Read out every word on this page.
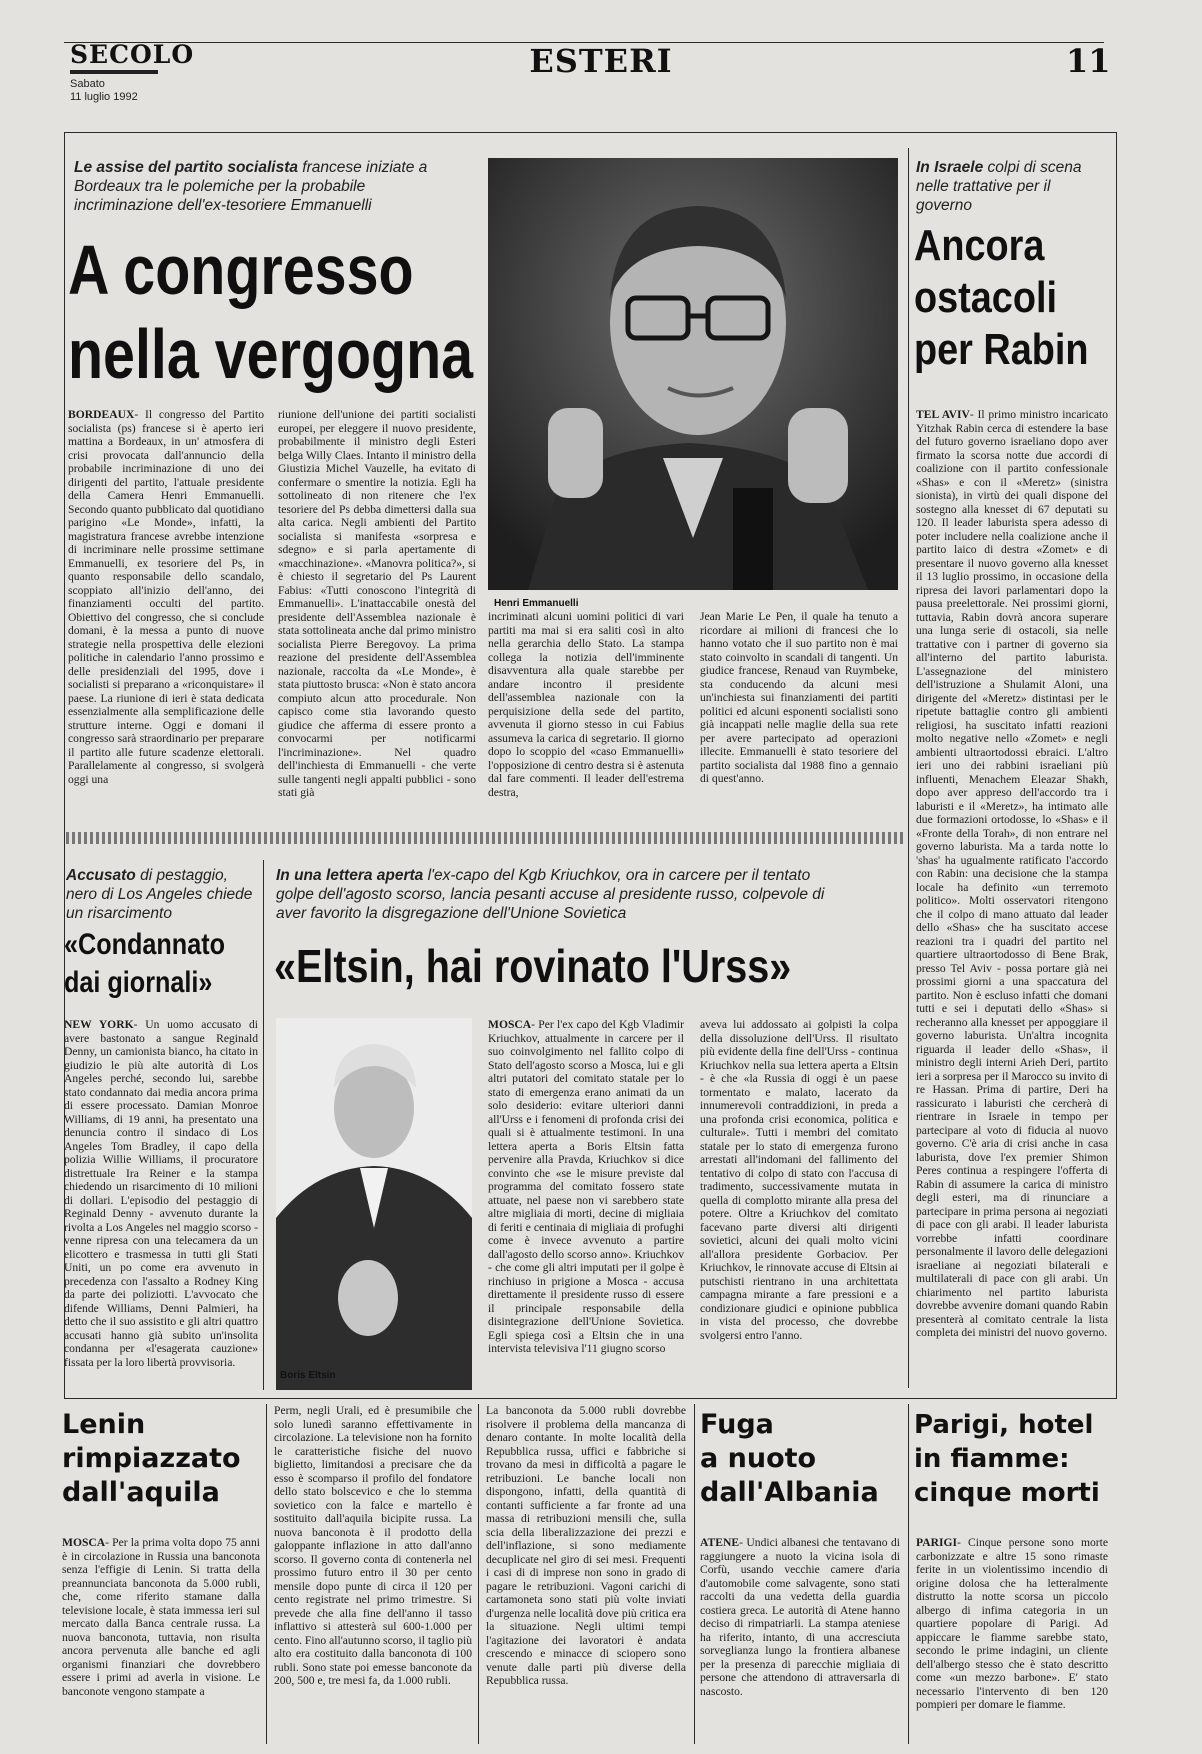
SECOLO
Sabato
11 luglio 1992
ESTERI	11
Le assise del partito socialista francese iniziate a Bordeaux tra le polemiche per la probabile incriminazione dell'ex-tesoriere Emmanuelli
A congresso
nella vergogna

BORDEAUX- Il congresso del Partito socialista (ps) francese si è aperto ieri mattina a Bordeaux, in un' atmosfera di crisi provocata dall'annuncio della probabile incriminazione di uno dei dirigenti del partito, l'attuale presidente della Camera Henri Emmanuelli. Secondo quanto pubblicato dal quotidiano parigino «Le Monde», infatti, la magistratura francese avrebbe intenzione di incriminare nelle prossime settimane Emmanuelli, ex tesoriere del Ps, in quanto responsabile dello scandalo, scoppiato all'inizio dell'anno, dei finanziamenti occulti del partito. Obiettivo del congresso, che si conclude domani, è la messa a punto di nuove strategie nella prospettiva delle elezioni politiche in calendario l'anno prossimo e delle presidenziali del 1995, dove i socialisti si preparano a «riconquistare» il paese. La riunione di ieri è stata dedicata essenzialmente alla semplificazione delle strutture interne. Oggi e domani il congresso sarà straordinario per preparare il partito alle future scadenze elettorali. Parallelamente al congresso, si svolgerà oggi una

riunione dell'unione dei partiti socialisti europei, per eleggere il nuovo presidente, probabilmente il ministro degli Esteri belga Willy Claes. Intanto il ministro della Giustizia Michel Vauzelle, ha evitato di confermare o smentire la notizia. Egli ha sottolineato di non ritenere che l'ex tesoriere del Ps debba dimettersi dalla sua alta carica. Negli ambienti del Partito socialista si manifesta «sorpresa e sdegno» e si parla apertamente di «macchinazione». «Manovra politica?», si è chiesto il segretario del Ps Laurent Fabius: «Tutti conoscono l'integrità di Emmanuelli». L'inattaccabile onestà del presidente dell'Assemblea nazionale è stata sottolineata anche dal primo ministro socialista Pierre Beregovoy. La prima reazione del presidente dell'Assemblea nazionale, raccolta da «Le Monde», è stata piuttosto brusca: «Non è stato ancora compiuto alcun atto procedurale. Non capisco come stia lavorando questo giudice che afferma di essere pronto a convocarmi per notificarmi l'incriminazione». Nel quadro dell'inchiesta di Emmanuelli - che verte sulle tangenti negli appalti pubblici - sono stati già

Henri Emmanuelli

incriminati alcuni uomini politici di vari partiti ma mai si era saliti così in alto nella gerarchia dello Stato. La stampa collega la notizia dell'imminente disavventura alla quale starebbe per andare incontro il presidente dell'assemblea nazionale con la perquisizione della sede del partito, avvenuta il giorno stesso in cui Fabius assumeva la carica di segretario. Il giorno dopo lo scoppio del «caso Emmanuelli» l'opposizione di centro destra si è astenuta dal fare commenti. Il leader dell'estrema destra,

Jean Marie Le Pen, il quale ha tenuto a ricordare ai milioni di francesi che lo hanno votato che il suo partito non è mai stato coinvolto in scandali di tangenti. Un giudice francese, Renaud van Ruymbeke, sta conducendo da alcuni mesi un'inchiesta sui finanziamenti dei partiti politici ed alcuni esponenti socialisti sono già incappati nelle maglie della sua rete per avere partecipato ad operazioni illecite. Emmanuelli è stato tesoriere del partito socialista dal 1988 fino a gennaio di quest'anno.

In Israele colpi di scena nelle trattative per il governo
Ancora
ostacoli
per Rabin

TEL AVIV- Il primo ministro incaricato Yitzhak Rabin cerca di estendere la base del futuro governo israeliano dopo aver firmato la scorsa notte due accordi di coalizione con il partito confessionale «Shas» e con il «Meretz» (sinistra sionista), in virtù dei quali dispone del sostegno alla knesset di 67 deputati su 120. Il leader laburista spera adesso di poter includere nella coalizione anche il partito laico di destra «Zomet» e di presentare il nuovo governo alla knesset il 13 luglio prossimo, in occasione della ripresa dei lavori parlamentari dopo la pausa preelettorale. Nei prossimi giorni, tuttavia, Rabin dovrà ancora superare una lunga serie di ostacoli, sia nelle trattative con i partner di governo sia all'interno del partito laburista. L'assegnazione del ministero dell'istruzione a Shulamit Aloni, una dirigente del «Meretz» distintasi per le ripetute battaglie contro gli ambienti religiosi, ha suscitato infatti reazioni molto negative nello «Zomet» e negli ambienti ultraortodossi ebraici. L'altro ieri uno dei rabbini israeliani più influenti, Menachem Eleazar Shakh, dopo aver appreso dell'accordo tra i laburisti e il «Meretz», ha intimato alle due formazioni ortodosse, lo «Shas» e il «Fronte della Torah», di non entrare nel governo laburista. Ma a tarda notte lo 'shas' ha ugualmente ratificato l'accordo con Rabin: una decisione che la stampa locale ha definito «un terremoto politico». Molti osservatori ritengono che il colpo di mano attuato dal leader dello «Shas» che ha suscitato accese reazioni tra i quadri del partito nel quartiere ultraortodosso di Bene Brak, presso Tel Aviv - possa portare già nei prossimi giorni a una spaccatura del partito. Non è escluso infatti che domani tutti e sei i deputati dello «Shas» si recheranno alla knesset per appoggiare il governo laburista. Un'altra incognita riguarda il leader dello «Shas», il ministro degli interni Arieh Deri, partito ieri a sorpresa per il Marocco su invito di re Hassan. Prima di partire, Deri ha rassicurato i laburisti che cercherà di rientrare in Israele in tempo per partecipare al voto di fiducia al nuovo governo. C'è aria di crisi anche in casa laburista, dove l'ex premier Shimon Peres continua a respingere l'offerta di Rabin di assumere la carica di ministro degli esteri, ma di rinunciare a partecipare in prima persona ai negoziati di pace con gli arabi. Il leader laburista vorrebbe infatti coordinare personalmente il lavoro delle delegazioni israeliane ai negoziati bilaterali e multilaterali di pace con gli arabi. Un chiarimento nel partito laburista dovrebbe avvenire domani quando Rabin presenterà al comitato centrale la lista completa dei ministri del nuovo governo.

Accusato di pestaggio, nero di Los Angeles chiede un risarcimento
«Condannato
dai giornali»

NEW YORK- Un uomo accusato di avere bastonato a sangue Reginald Denny, un camionista bianco, ha citato in giudizio le più alte autorità di Los Angeles perché, secondo lui, sarebbe stato condannato dai media ancora prima di essere processato. Damian Monroe Williams, di 19 anni, ha presentato una denuncia contro il sindaco di Los Angeles Tom Bradley, il capo della polizia Willie Williams, il procuratore distrettuale Ira Reiner e la stampa chiedendo un risarcimento di 10 milioni di dollari. L'episodio del pestaggio di Reginald Denny - avvenuto durante la rivolta a Los Angeles nel maggio scorso - venne ripresa con una telecamera da un elicottero e trasmessa in tutti gli Stati Uniti, un po come era avvenuto in precedenza con l'assalto a Rodney King da parte dei poliziotti. L'avvocato che difende Williams, Denni Palmieri, ha detto che il suo assistito e gli altri quattro accusati hanno già subito un'insolita condanna per «l'esagerata cauzione» fissata per la loro libertà provvisoria.

In una lettera aperta l'ex-capo del Kgb Kriuchkov, ora in carcere per il tentato golpe dell'agosto scorso, lancia pesanti accuse al presidente russo, colpevole di aver favorito la disgregazione dell'Unione Sovietica
«Eltsin, hai rovinato l'Urss»
Boris Eltsin

MOSCA- Per l'ex capo del Kgb Vladimir Kriuchkov, attualmente in carcere per il suo coinvolgimento nel fallito colpo di Stato dell'agosto scorso a Mosca, lui e gli altri putatori del comitato statale per lo stato di emergenza erano animati da un solo desiderio: evitare ulteriori danni all'Urss e i fenomeni di profonda crisi dei quali si è attualmente testimoni. In una lettera aperta a Boris Eltsin fatta pervenire alla Pravda, Kriuchkov si dice convinto che «se le misure previste dal programma del comitato fossero state attuate, nel paese non vi sarebbero state altre migliaia di morti, decine di migliaia di feriti e centinaia di migliaia di profughi come è invece avvenuto a partire dall'agosto dello scorso anno». Kriuchkov - che come gli altri imputati per il golpe è rinchiuso in prigione a Mosca - accusa direttamente il presidente russo di essere il principale responsabile della disintegrazione dell'Unione Sovietica. Egli spiega così a Eltsin che in una intervista televisiva l'11 giugno scorso

aveva lui addossato ai golpisti la colpa della dissoluzione dell'Urss. Il risultato più evidente della fine dell'Urss - continua Kriuchkov nella sua lettera aperta a Eltsin - è che «la Russia di oggi è un paese tormentato e malato, lacerato da innumerevoli contraddizioni, in preda a una profonda crisi economica, politica e culturale». Tutti i membri del comitato statale per lo stato di emergenza furono arrestati all'indomani del fallimento del tentativo di colpo di stato con l'accusa di tradimento, successivamente mutata in quella di complotto mirante alla presa del potere. Oltre a Kriuchkov del comitato facevano parte diversi alti dirigenti sovietici, alcuni dei quali molto vicini all'allora presidente Gorbaciov. Per Kriuchkov, le rinnovate accuse di Eltsin ai putschisti rientrano in una architettata campagna mirante a fare pressioni e a condizionare giudici e opinione pubblica in vista del processo, che dovrebbe svolgersi entro l'anno.

Lenin
rimpiazzato
dall'aquila

MOSCA- Per la prima volta dopo 75 anni è in circolazione in Russia una banconota senza l'effigie di Lenin. Si tratta della preannunciata banconota da 5.000 rubli, che, come riferito stamane dalla televisione locale, è stata immessa ieri sul mercato dalla Banca centrale russa. La nuova banconota, tuttavia, non risulta ancora pervenuta alle banche ed agli organismi finanziari che dovrebbero essere i primi ad averla in visione. Le banconote vengono stampate a

Perm, negli Urali, ed è presumibile che solo lunedì saranno effettivamente in circolazione. La televisione non ha fornito le caratteristiche fisiche del nuovo biglietto, limitandosi a precisare che da esso è scomparso il profilo del fondatore dello stato bolscevico e che lo stemma sovietico con la falce e martello è sostituito dall'aquila bicipite russa. La nuova banconota è il prodotto della galoppante inflazione in atto dall'anno scorso. Il governo conta di contenerla nel prossimo futuro entro il 30 per cento mensile dopo punte di circa il 120 per cento registrate nel primo trimestre. Si prevede che alla fine dell'anno il tasso inflattivo si attesterà sul 600-1.000 per cento. Fino all'autunno scorso, il taglio più alto era costituito dalla banconota di 100 rubli. Sono state poi emesse banconote da 200, 500 e, tre mesi fa, da 1.000 rubli.

La banconota da 5.000 rubli dovrebbe risolvere il problema della mancanza di denaro contante. In molte località della Repubblica russa, uffici e fabbriche si trovano da mesi in difficoltà a pagare le retribuzioni. Le banche locali non dispongono, infatti, della quantità di contanti sufficiente a far fronte ad una massa di retribuzioni mensili che, sulla scia della liberalizzazione dei prezzi e dell'inflazione, si sono mediamente decuplicate nel giro di sei mesi. Frequenti i casi di di imprese non sono in grado di pagare le retribuzioni. Vagoni carichi di cartamoneta sono stati più volte inviati d'urgenza nelle località dove più critica era la situazione. Negli ultimi tempi l'agitazione dei lavoratori è andata crescendo e minacce di sciopero sono venute dalle parti più diverse della Repubblica russa.

Fuga
a nuoto
dall'Albania

ATENE- Undici albanesi che tentavano di raggiungere a nuoto la vicina isola di Corfù, usando vecchie camere d'aria d'automobile come salvagente, sono stati raccolti da una vedetta della guardia costiera greca. Le autorità di Atene hanno deciso di rimpatriarli. La stampa ateniese ha riferito, intanto, di una accresciuta sorveglianza lungo la frontiera albanese per la presenza di parecchie migliaia di persone che attendono di attraversarla di nascosto.

Parigi, hotel
in fiamme:
cinque morti

PARIGI- Cinque persone sono morte carbonizzate e altre 15 sono rimaste ferite in un violentissimo incendio di origine dolosa che ha letteralmente distrutto la notte scorsa un piccolo albergo di infima categoria in un quartiere popolare di Parigi. Ad appiccare le fiamme sarebbe stato, secondo le prime indagini, un cliente dell'albergo stesso che è stato descritto come «un mezzo barbone». E' stato necessario l'intervento di ben 120 pompieri per domare le fiamme.
